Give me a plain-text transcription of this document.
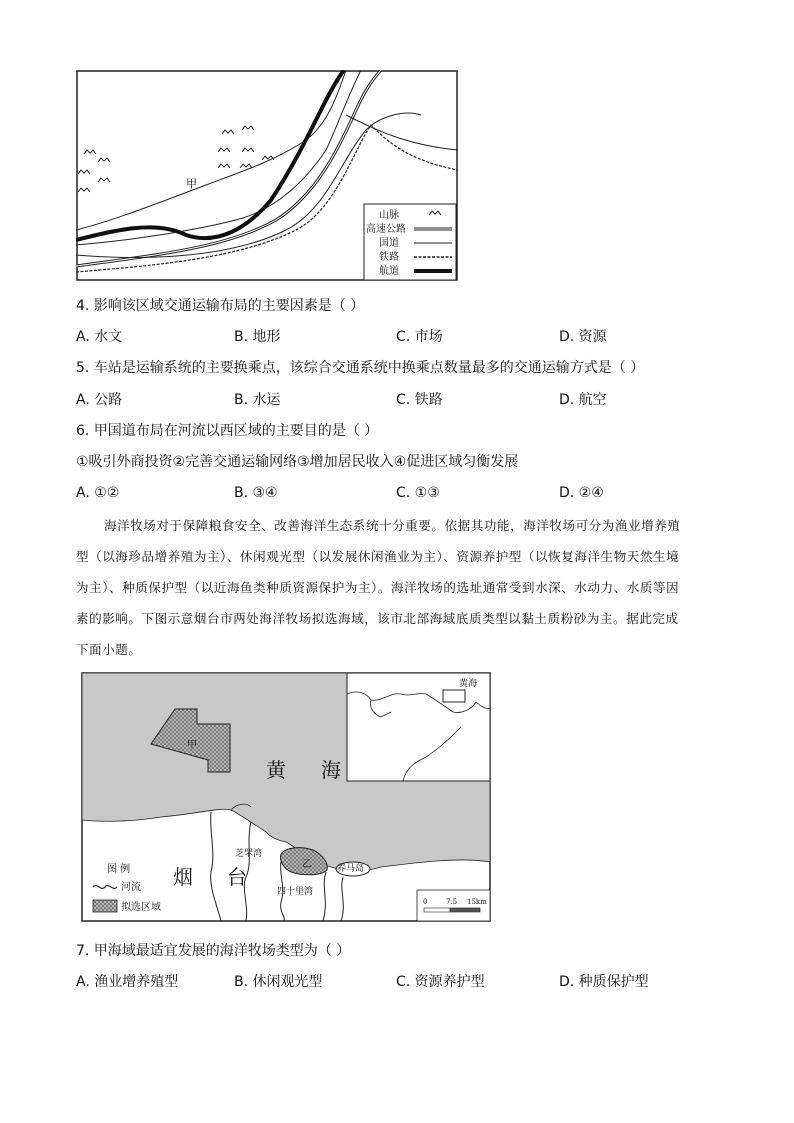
甲
山脉
高速公路
国道
铁路
航道
4. 影响该区域交通运输布局的主要因素是（ ）
A. 水文	B. 地形	C. 市场	D. 资源
5. 车站是运输系统的主要换乘点，该综合交通系统中换乘点数量最多的交通运输方式是（ ）
A. 公路	B. 水运	C. 铁路	D. 航空
6. 甲国道布局在河流以西区域的主要目的是（ ）
①吸引外商投资②完善交通运输网络③增加居民收入④促进区域匀衡发展
A. ①②	B. ③④	C. ①③	D. ②④
海洋牧场对于保障粮食安全、改善海洋生态系统十分重要。依据其功能，海洋牧场可分为渔业增养殖
型（以海珍品增养殖为主）、休闲观光型（以发展休闲渔业为主）、资源养护型（以恢复海洋生物天然生境
为主）、种质保护型（以近海鱼类种质资源保护为主）。海洋牧场的选址通常受到水深、水动力、水质等因
素的影响。下图示意烟台市两处海洋牧场拟选海域，该市北部海域底质类型以黏土质粉砂为主。据此完成
下面小题。
黄海
甲
黄 海
乙	养马岛
芝罘湾
四十里湾
烟 台
图 例
河流
拟选区域	0	7.5 15km
7. 甲海域最适宜发展的海洋牧场类型为（ ）
A. 渔业增养殖型	B. 休闲观光型	C. 资源养护型	D. 种质保护型
